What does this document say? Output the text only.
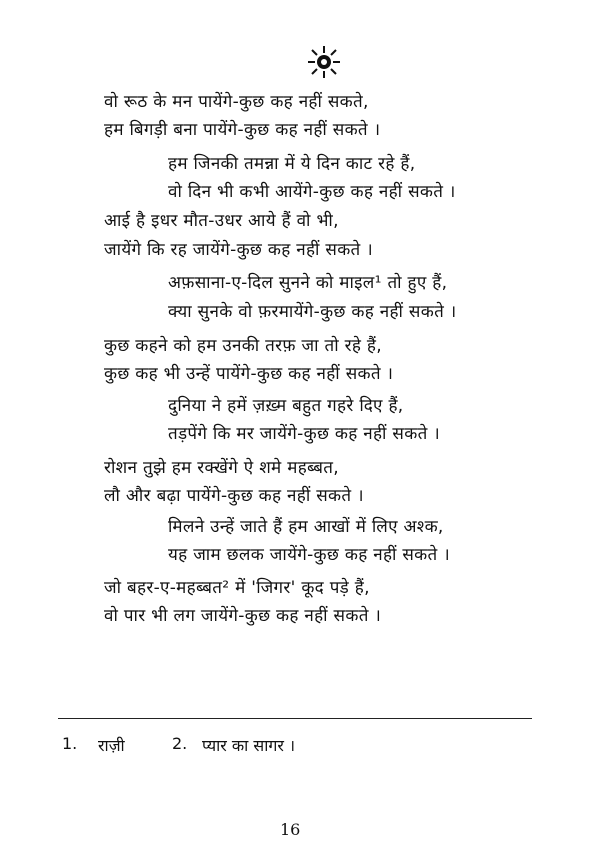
वो रूठ के मन पायेंगे-कुछ कह नहीं सकते,
हम बिगड़ी बना पायेंगे-कुछ कह नहीं सकते ।
हम जिनकी तमन्ना में ये दिन काट रहे हैं,
वो दिन भी कभी आयेंगे-कुछ कह नहीं सकते ।
आई है इधर मौत-उधर आये हैं वो भी,
जायेंगे कि रह जायेंगे-कुछ कह नहीं सकते ।
अफ़साना-ए-दिल सुनने को माइल¹ तो हुए हैं,
क्या सुनके वो फ़रमायेंगे-कुछ कह नहीं सकते ।
कुछ कहने को हम उनकी तरफ़ जा तो रहे हैं,
कुछ कह भी उन्हें पायेंगे-कुछ कह नहीं सकते ।
दुनिया ने हमें ज़ख़्म बहुत गहरे दिए हैं,
तड़पेंगे कि मर जायेंगे-कुछ कह नहीं सकते ।
रोशन तुझे हम रक्खेंगे ऐ शमे महब्बत,
लौ और बढ़ा पायेंगे-कुछ कह नहीं सकते ।
मिलने उन्हें जाते हैं हम आखों में लिए अश्क,
यह जाम छलक जायेंगे-कुछ कह नहीं सकते ।
जो बहर-ए-महब्बत² में 'जिगर' कूद पड़े हैं,
वो पार भी लग जायेंगे-कुछ कह नहीं सकते ।
1. राज़ी	2. प्यार का सागर ।
16
